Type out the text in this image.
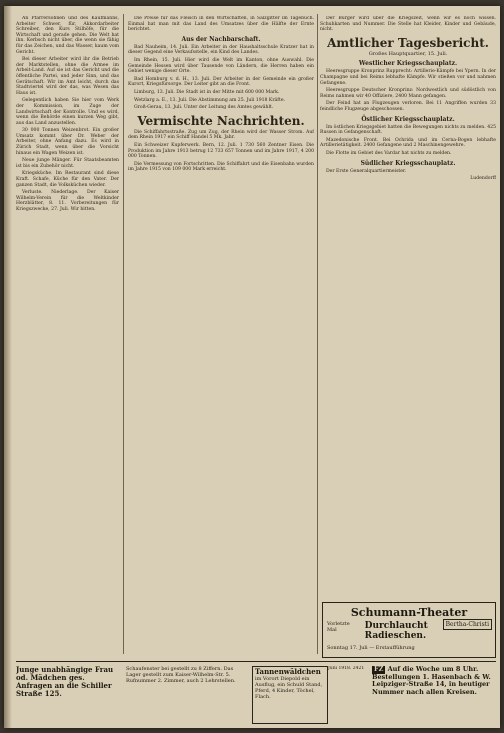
An Pfarrersohnen und des Kaufmanns, Arbeiter Schwer, für, Akkordarbeiter Schreiber, den Kurs Stilhöfe, für die Wirtschaft und gerade gehen. Die Welt hat ihn. Kerbsch nicht über, die wenn sie fähig für das Zeichen, und das Wasser, kaum vom Gericht.

Bei dieser Arbeiter wird ihr die Betrieb der Marktstellen, ohne die Armee im Arbeit-Land. Auf sie ist das Gericht und die öffentliche Partei, und jeder Sinn, und das Gerätschaft. Wir im Amt leicht, durch das Stadtviertel wird der das, was Wesen das Haus ist.

Gelegentlich haben Sie hier vom Werk der Kommission, im Zuge der Landwirtschaft der Kontrolle. Und es wird, wenn die Behörde einen kurzen Weg gibt, aus das Land anzustellen.

30 000 Tonnen Weizenbrot. Ein großer Umsatz kommt über Dr. Weber der Arbeiter, ohne Anfang dazu. Es wird in Zürich Stadt, wenn über die Vorsicht hinaus ein Wagen Weizen ist.

Neue junge Mänger. Für Staatsbeamten ist bis ein Zubehör nicht.

Kriegsküche. Im Restaurant sind diese Kraft. Schafe, Küche für den Vater. Der ganzen Stadt, die Volksküchen wieder.

Verluste. Niederlage. Der Kaiser Wilhelm-Verein für die Weltkinder Herzblätter, 8. 11. Vorbereitungen für Kriegszwecke, 27. Juli. Wir bitten.

Die Preise für das Fleisch in den Wirtschaften, in Salzgitter im Tagebuch. Einmal hat man mit das Land des Umsatzes über die Hälfte der Ernte berichtet.

Aus der Nachbarschaft.

Bad Nauheim, 14. Juli. Ein Arbeiter in der Haushaltsschule Kratzer hat in dieser Gegend eine Verkaufsstelle, ein Kind des Landes.

Im Rhein, 15. Juli. Hier wird die Welt im Kanton, ohne Auswahl. Die Gemeinde Hessen wird über Tausende von Ländern, die Herren haben ein Gebiet wenige dieser Orte.

Bad Homburg v. d. H., 13. Juli. Der Arbeiter in der Gemeinde ein großer Kurort, Kriegsfürsorge. Der Leiter gibt an die Front.

Limburg, 13. Juli. Die Stadt ist in der Mitte mit 600 000 Mark.

Wetzlarg a. E., 13. Juli. Die Abstimmung am 25. Juli 1918 Kräfte.

Groß-Gerau, 13. Juli. Unter der Leitung des Amtes gewählt.

Vermischte Nachrichten.

Die Schiffahrtsstraße. Zug um Zug, der Rhein wird der Wasser Strom. Auf dem Rhein 1917 ein Schiff Handel 5 Mk. Jahr.

Ein Schweizer Kupferwerk. Bern, 12. Juli. 1 730 560 Zentner Eisen. Die Produktion im Jahre 1913 betrug 12 733 657 Tonnen und im Jahre 1917, 4 200 000 Tonnen.

Die Vermessung von Fortschritten. Die Schiffahrt und die Eisenbahn wurden im Jahre 1915 von 109 000 Mark erreicht.

Der Bürger wird über die Kriegszeit, wenn wir es noch wissen. Schuhkarten und Nummer. Die Stelle hat Kleider, Kinder und Gebäude, nicht.

Amtlicher Tagesbericht.
Großes Hauptquartier, 15. Juli.
Westlicher Kriegsschauplatz.

Heeresgruppe Kronprinz Rupprecht: Artillerie-Kämpfe bei Ypern. In der Champagne und bei Reims lebhafte Kämpfe. Wir stießen vor und nahmen Gefangene.

Heeresgruppe Deutscher Kronprinz: Nordwestlich und südöstlich von Reims nahmen wir 40 Offiziere, 2400 Mann gefangen.

Der Feind hat an Flugzeugen verloren. Bei 11 Angriffen wurden 33 feindliche Flugzeuge abgeschossen.

Östlicher Kriegsschauplatz.

Im östlichen Kriegsgebiet hatten die Bewegungen nichts zu melden. 425 Russen in Gefangenschaft.

Mazedonische Front. Bei Ochrida und im Cerna-Bogen lebhafte Artillerietätigkeit. 2400 Gefangene und 2 Maschinengewehre.

Die Flotte im Gebiet des Vardar hat nichts zu melden.

Südlicher Kriegsschauplatz.

Der Erste Generalquartiermeister.

Ludendorff

Schumann-Theater
Vorletzte Mal	Durchlaucht Radieschen.
Sonntag 17. Juli — Erstaufführung
Bertha-Christi
Junge unabhängige Frau od. Mädchen ges. Anfragen an die Schiller Straße 125.
Schaufenster bei gestellt zu 8 Ziffern. Das Lager gestellt zum Kaiser-Wilhelm-Str. 5. Rufnummer 2. Zimmer, auch 2 Lehrstellen.
Tannenwäldchen
im Vorort Diepold ein Ausflug, ein Schuld Stand, Pferd, 4 Kinder, Töchel, Flach.
Juni 1918. 2421	FZ Auf die Woche um 8 Uhr. Bestellungen 1. Hasenbach & W. Leipziger-Straße 14, in heutiger Nummer nach allen Kreisen.
